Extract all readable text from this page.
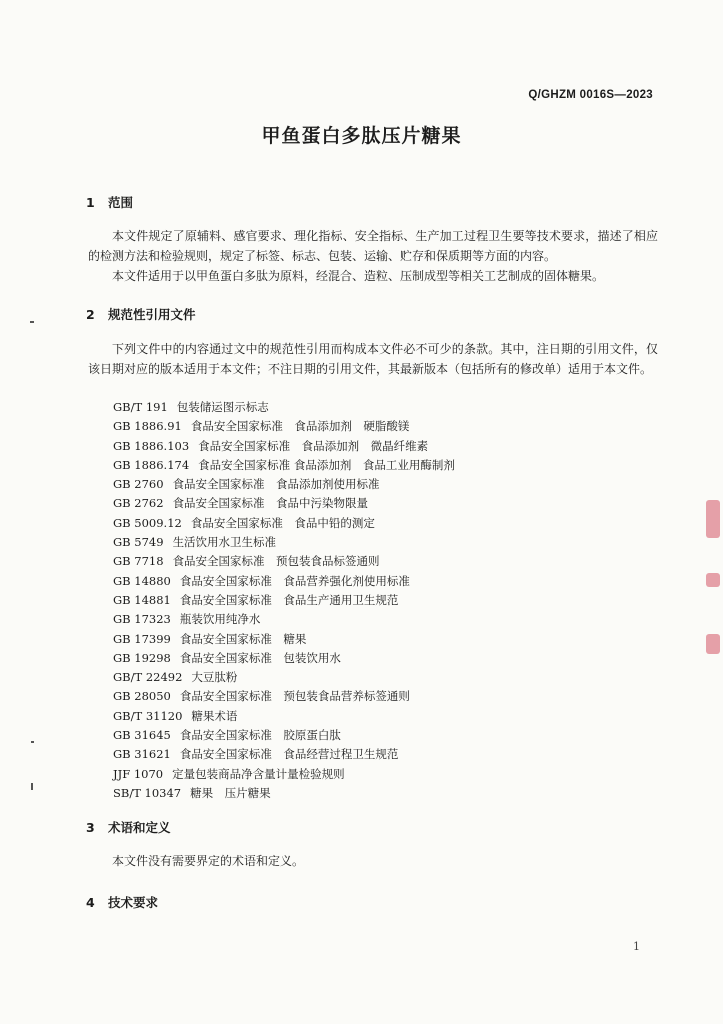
Q/GHZM 0016S—2023
甲鱼蛋白多肽压片糖果
1 范围

本文件规定了原辅料、感官要求、理化指标、安全指标、生产加工过程卫生要等技术要求，描述了相应的检测方法和检验规则，规定了标签、标志、包装、运输、贮存和保质期等方面的内容。

本文件适用于以甲鱼蛋白多肽为原料，经混合、造粒、压制成型等相关工艺制成的固体糖果。

2 规范性引用文件

下列文件中的内容通过文中的规范性引用而构成本文件必不可少的条款。其中，注日期的引用文件，仅该日期对应的版本适用于本文件；不注日期的引用文件，其最新版本（包括所有的修改单）适用于本文件。

GB/T 191 包装储运图示标志
GB 1886.91 食品安全国家标准　食品添加剂　硬脂酸镁
GB 1886.103 食品安全国家标准　食品添加剂　微晶纤维素
GB 1886.174 食品安全国家标准 食品添加剂　食品工业用酶制剂
GB 2760 食品安全国家标准　食品添加剂使用标准
GB 2762 食品安全国家标准　食品中污染物限量
GB 5009.12 食品安全国家标准　食品中铅的测定
GB 5749 生活饮用水卫生标准
GB 7718 食品安全国家标准　预包装食品标签通则
GB 14880 食品安全国家标准　食品营养强化剂使用标准
GB 14881 食品安全国家标准　食品生产通用卫生规范
GB 17323 瓶装饮用纯净水
GB 17399 食品安全国家标准　糖果
GB 19298 食品安全国家标准　包装饮用水
GB/T 22492 大豆肽粉
GB 28050 食品安全国家标准　预包装食品营养标签通则
GB/T 31120 糖果术语
GB 31645 食品安全国家标准　胶原蛋白肽
GB 31621 食品安全国家标准　食品经营过程卫生规范
JJF 1070 定量包装商品净含量计量检验规则
SB/T 10347 糖果　压片糖果
3 术语和定义

本文件没有需要界定的术语和定义。

4 技术要求
1
